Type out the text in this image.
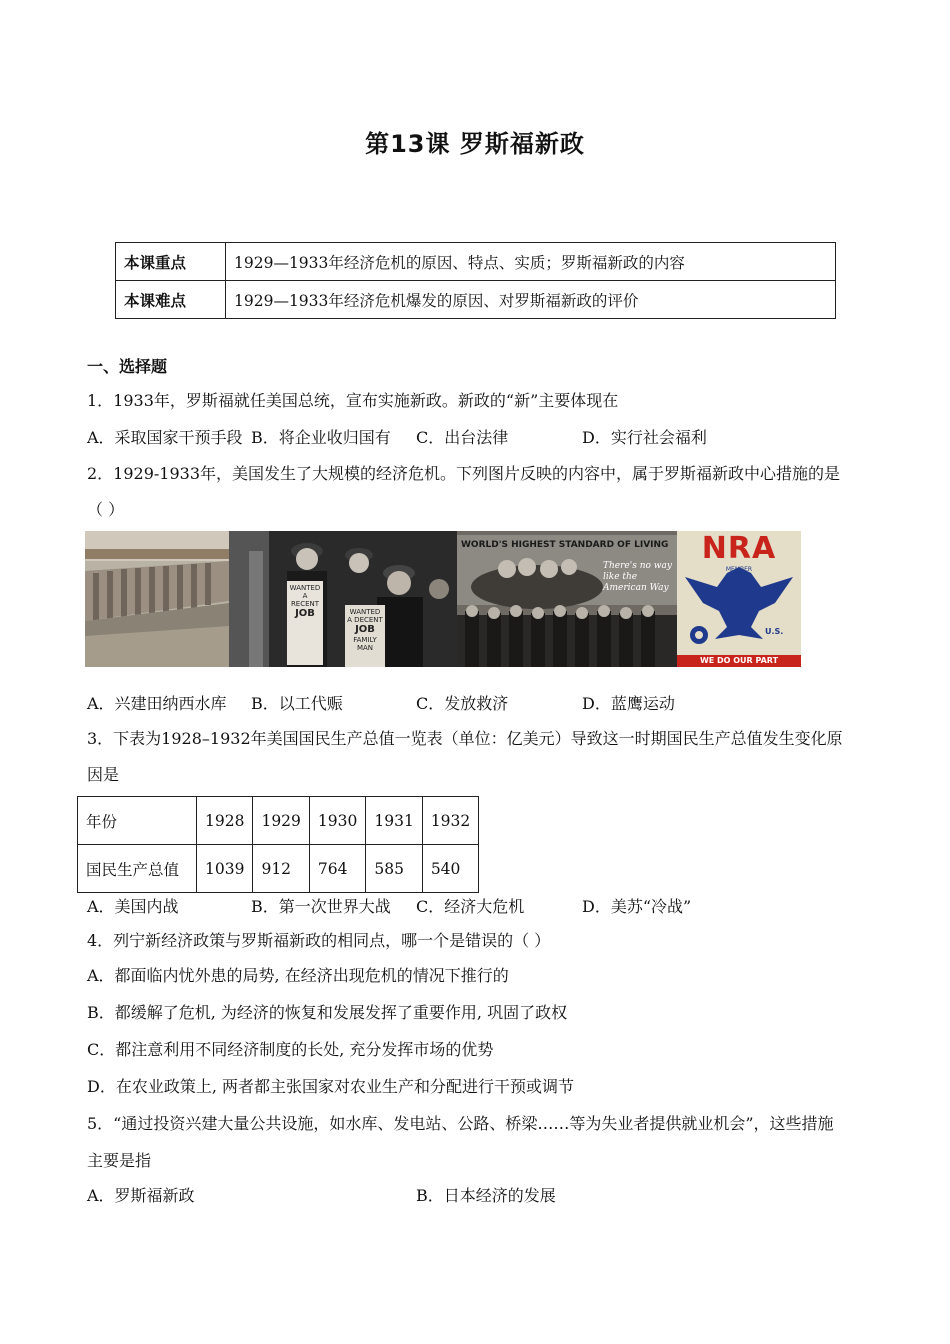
第13课 罗斯福新政
本课重点	1929—1933年经济危机的原因、特点、实质；罗斯福新政的内容
本课难点	1929—1933年经济危机爆发的原因、对罗斯福新政的评价
一、选择题
1．1933年，罗斯福就任美国总统，宣布实施新政。新政的“新”主要体现在
A．采取国家干预手段 B．将企业收归国有 C．出台法律	D．实行社会福利
2．1929-1933年，美国发生了大规模的经济危机。下列图片反映的内容中，属于罗斯福新政中心措施的是
（ ）
WANTED
A RECENT
JOB	WANTED
A DECENT
JOB
FAMILY MAN
WORLD'S HIGHEST STANDARD OF LIVING
There's no way
like the
American Way
NRA
MEMBER
U.S.
WE DO OUR PART
A．兴建田纳西水库 B．以工代赈	C．发放救济	D．蓝鹰运动
3．下表为1928–1932年美国国民生产总值一览表（单位：亿美元）导致这一时期国民生产总值发生变化原
因是
年份	1928	1929	1930	1931	1932
国民生产总值	1039	912	764	585	540
A．美国内战	B．第一次世界大战 C．经济大危机	D．美苏“冷战”
4．列宁新经济政策与罗斯福新政的相同点，哪一个是错误的（ ）
A．都面临内忧外患的局势, 在经济出现危机的情况下推行的
B．都缓解了危机, 为经济的恢复和发展发挥了重要作用, 巩固了政权
C．都注意利用不同经济制度的长处, 充分发挥市场的优势
D．在农业政策上, 两者都主张国家对农业生产和分配进行干预或调节
5．“通过投资兴建大量公共设施，如水库、发电站、公路、桥梁……等为失业者提供就业机会”，这些措施
主要是指
A．罗斯福新政	B．日本经济的发展
